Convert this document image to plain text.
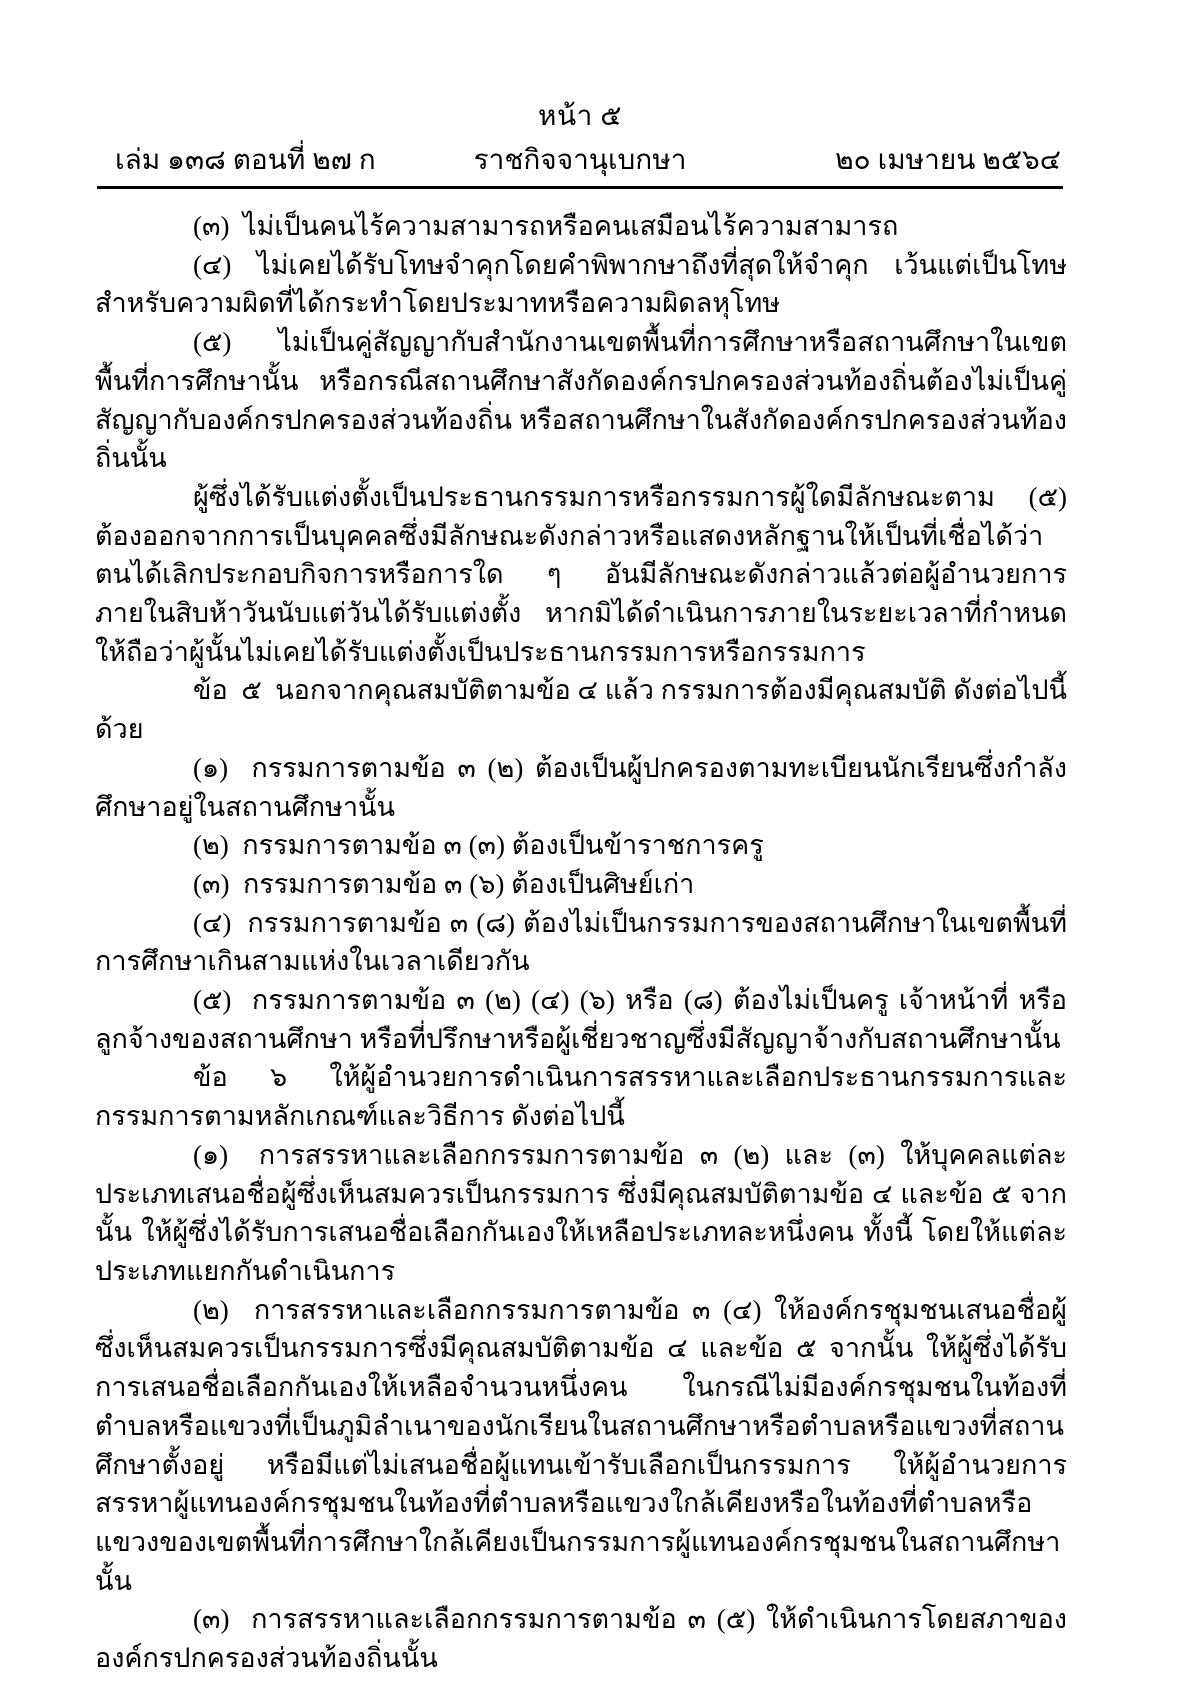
หน้า ๕
เล่ม ๑๓๘ ตอนที่ ๒๗ ก	ราชกิจจานุเบกษา	๒๐ เมษายน ๒๕๖๔

(๓)  ไม่เป็นคนไร้ความสามารถหรือคนเสมือนไร้ความสามารถ

(๔)  ไม่เคยได้รับโทษจำคุกโดยคำพิพากษาถึงที่สุดให้จำคุก  เว้นแต่เป็นโทษสำหรับความผิดที่ได้กระทำโดยประมาทหรือความผิดลหุโทษ

(๕)  ไม่เป็นคู่สัญญากับสำนักงานเขตพื้นที่การศึกษาหรือสถานศึกษาในเขตพื้นที่การศึกษานั้น หรือกรณีสถานศึกษาสังกัดองค์กรปกครองส่วนท้องถิ่นต้องไม่เป็นคู่สัญญากับองค์กรปกครองส่วนท้องถิ่น หรือสถานศึกษาในสังกัดองค์กรปกครองส่วนท้องถิ่นนั้น

ผู้ซึ่งได้รับแต่งตั้งเป็นประธานกรรมการหรือกรรมการผู้ใดมีลักษณะตาม (๕) ต้องออกจากการเป็นบุคคลซึ่งมีลักษณะดังกล่าวหรือแสดงหลักฐานให้เป็นที่เชื่อได้ว่าตนได้เลิกประกอบกิจการหรือการใด ๆ อันมีลักษณะดังกล่าวแล้วต่อผู้อำนวยการภายในสิบห้าวันนับแต่วันได้รับแต่งตั้ง  หากมิได้ดำเนินการภายในระยะเวลาที่กำหนด ให้ถือว่าผู้นั้นไม่เคยได้รับแต่งตั้งเป็นประธานกรรมการหรือกรรมการ

ข้อ  ๕  นอกจากคุณสมบัติตามข้อ ๔ แล้ว กรรมการต้องมีคุณสมบัติ ดังต่อไปนี้ด้วย

(๑)  กรรมการตามข้อ ๓ (๒) ต้องเป็นผู้ปกครองตามทะเบียนนักเรียนซึ่งกำลังศึกษาอยู่ในสถานศึกษานั้น

(๒)  กรรมการตามข้อ ๓ (๓) ต้องเป็นข้าราชการครู

(๓)  กรรมการตามข้อ ๓ (๖) ต้องเป็นศิษย์เก่า

(๔)  กรรมการตามข้อ ๓ (๘) ต้องไม่เป็นกรรมการของสถานศึกษาในเขตพื้นที่การศึกษาเกินสามแห่งในเวลาเดียวกัน

(๕)  กรรมการตามข้อ ๓ (๒) (๔) (๖) หรือ (๘) ต้องไม่เป็นครู เจ้าหน้าที่ หรือลูกจ้างของสถานศึกษา หรือที่ปรึกษาหรือผู้เชี่ยวชาญซึ่งมีสัญญาจ้างกับสถานศึกษานั้น

ข้อ  ๖  ให้ผู้อำนวยการดำเนินการสรรหาและเลือกประธานกรรมการและกรรมการตามหลักเกณฑ์และวิธีการ ดังต่อไปนี้

(๑)  การสรรหาและเลือกกรรมการตามข้อ ๓ (๒) และ (๓) ให้บุคคลแต่ละประเภทเสนอชื่อผู้ซึ่งเห็นสมควรเป็นกรรมการ ซึ่งมีคุณสมบัติตามข้อ ๔ และข้อ ๕ จากนั้น ให้ผู้ซึ่งได้รับการเสนอชื่อเลือกกันเองให้เหลือประเภทละหนึ่งคน ทั้งนี้ โดยให้แต่ละประเภทแยกกันดำเนินการ

(๒)  การสรรหาและเลือกกรรมการตามข้อ ๓ (๔) ให้องค์กรชุมชนเสนอชื่อผู้ซึ่งเห็นสมควรเป็นกรรมการซึ่งมีคุณสมบัติตามข้อ ๔ และข้อ ๕ จากนั้น ให้ผู้ซึ่งได้รับการเสนอชื่อเลือกกันเองให้เหลือจำนวนหนึ่งคน  ในกรณีไม่มีองค์กรชุมชนในท้องที่ตำบลหรือแขวงที่เป็นภูมิลำเนาของนักเรียนในสถานศึกษาหรือตำบลหรือแขวงที่สถานศึกษาตั้งอยู่ หรือมีแต่ไม่เสนอชื่อผู้แทนเข้ารับเลือกเป็นกรรมการ ให้ผู้อำนวยการสรรหาผู้แทนองค์กรชุมชนในท้องที่ตำบลหรือแขวงใกล้เคียงหรือในท้องที่ตำบลหรือแขวงของเขตพื้นที่การศึกษาใกล้เคียงเป็นกรรมการผู้แทนองค์กรชุมชนในสถานศึกษานั้น

(๓)  การสรรหาและเลือกกรรมการตามข้อ ๓ (๕) ให้ดำเนินการโดยสภาขององค์กรปกครองส่วนท้องถิ่นนั้น
